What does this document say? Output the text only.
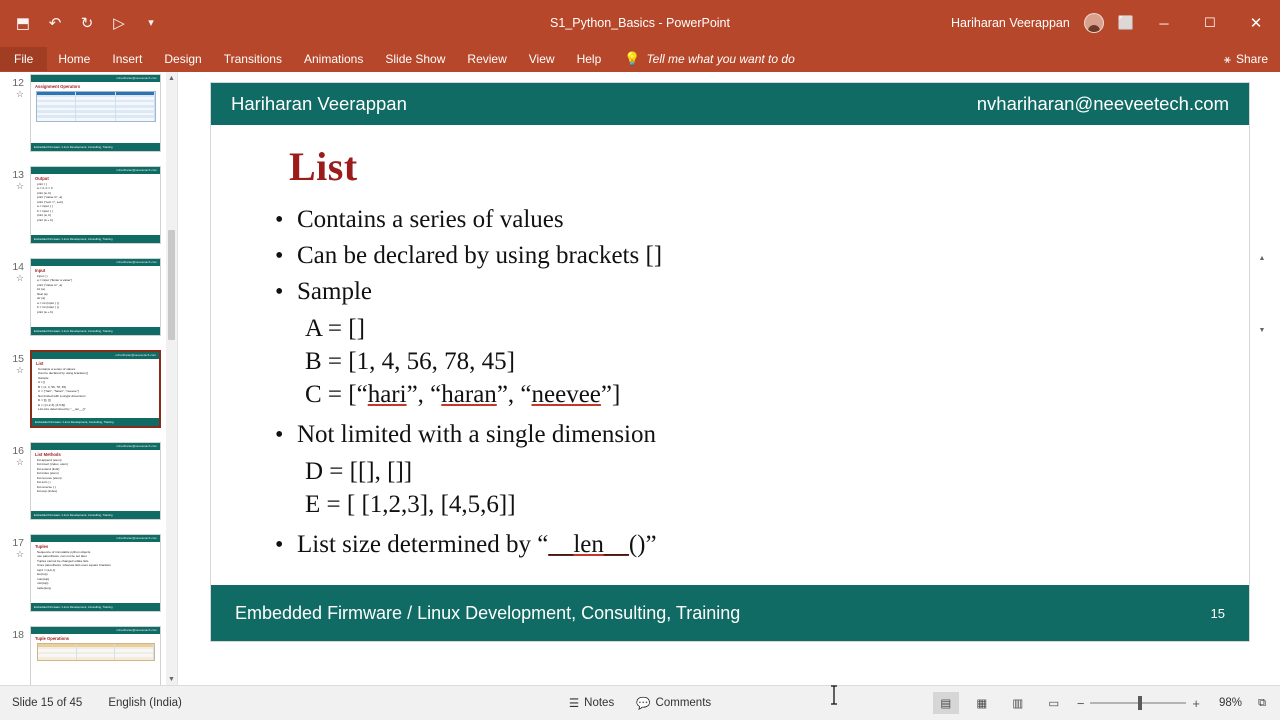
⬒ ↶ ↻ ▷	▾	S1_Python_Basics - PowerPoint	Hariharan Veerappan	⬜	─	☐	✕
File	Home	Insert	Design	Transitions	Animations	Slide Show	Review	View	Help	💡 Tell me what you want to do	⚹ Share
12
☆
nvhariharan@neeveetech.com
Assignment Operators
Embedded Firmware / Linux Development, Consulting, Training
13
☆
nvhariharan@neeveetech.com
Output
print ( )
a = 2, b = 3
print (a, b)
print ("value is", a)
print ("a+b =", a+b)
a = input ( )
b = input ( )
print (a, b)
print (a + b)
Embedded Firmware / Linux Development, Consulting, Training
14
☆
nvhariharan@neeveetech.com
Input
input ( )
a = input ("Enter a value")
print ("value is", a)
int (a)
float (a)
str (a)
a = int (input ( ))
b = int (input ( ))
print (a + b)
Embedded Firmware / Linux Development, Consulting, Training
15
☆
nvhariharan@neeveetech.com
List
Contains a series of values
Can be declared by using brackets []
Sample
A = []
B = [1, 4, 56, 78, 45]
C = ["hari", "haran", "neevee"]
Not limited with a single dimension
D = [[], []]
E = [ [1,2,3], [4,5,6]]
List size determined by "__len__()"
Embedded Firmware / Linux Development, Consulting, Training
16
☆
nvhariharan@neeveetech.com
List Methods
list.append (elem)
list.insert (index, elem)
list.extend (list2)
list.index (elem)
list.remove (elem)
list.sort ( )
list.reverse ( )
list.pop (index)
Embedded Firmware / Linux Development, Consulting, Training
17
☆
nvhariharan@neeveetech.com
Tuples
Sequence of immutable python objects
use parenthesis, can not be set later
Tuples cannot be changed unlike lists
Uses parenthesis, whereas lists uses square brackets
tup1 = (a,b,c)
len(tup)
max(tup)
min(tup)
tuple(seq)
Embedded Firmware / Linux Development, Consulting, Training
18	nvhariharan@neeveetech.com
Tuple Operations
▲
▼
Hariharan Veerappan	nvhariharan@neeveetech.com
List
• Contains a series of values
• Can be declared by using brackets []
• Sample
A = []
B = [1, 4, 56, 78, 45]
C = [“hari”, “haran”, “neevee”]
• Not limited with a single dimension
D = [[], []]
E = [ [1,2,3], [4,5,6]]
• List size determined by “__len__()”
Embedded Firmware / Linux Development, Consulting, Training	15
▲
▼
Slide 15 of 45 English (India)	☰ Notes 💬 Comments	▤	▦	▥	▭	−	+	98%	⧉
